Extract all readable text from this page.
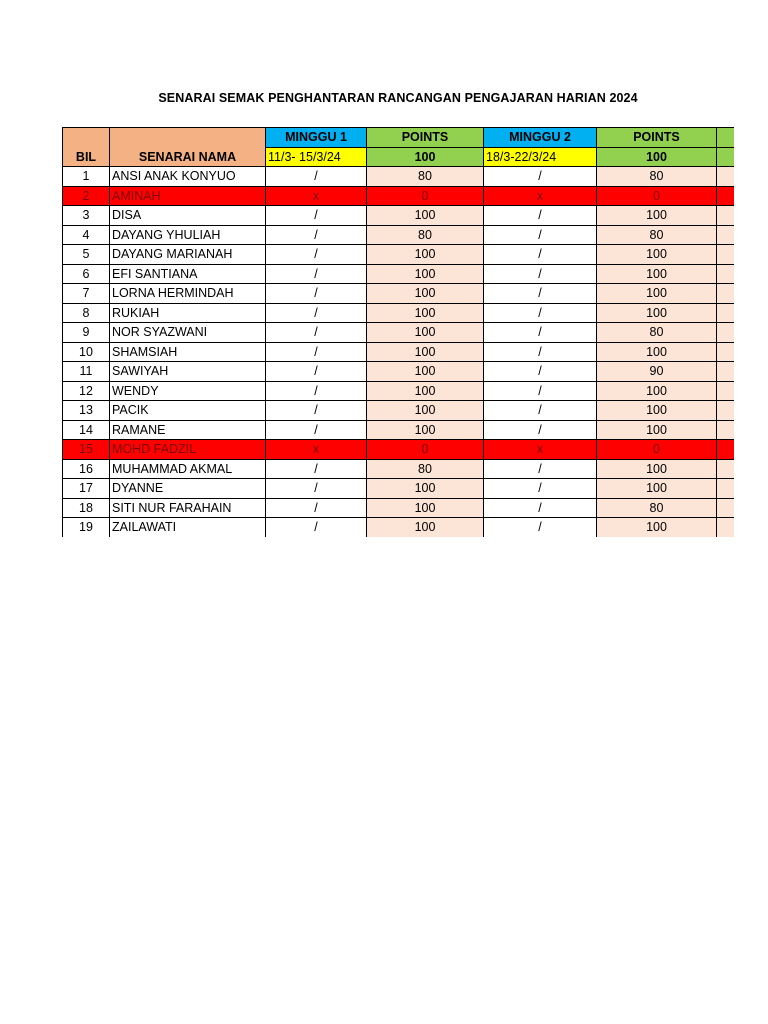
SENARAI SEMAK PENGHANTARAN RANCANGAN PENGAJARAN HARIAN 2024
BIL	SENARAI NAMA	MINGGU 1	POINTS	MINGGU 2	POINTS	
		11/3- 15/3/24	100	18/3-22/3/24	100	
1	ANSI ANAK KONYUO	/	80	/	80	
2	AMINAH	x	0	x	0	
3	DISA	/	100	/	100	
4	DAYANG YHULIAH	/	80	/	80	
5	DAYANG MARIANAH	/	100	/	100	
6	EFI SANTIANA	/	100	/	100	
7	LORNA HERMINDAH	/	100	/	100	
8	RUKIAH	/	100	/	100	
9	NOR SYAZWANI	/	100	/	80	
10	SHAMSIAH	/	100	/	100	
11	SAWIYAH	/	100	/	90	
12	WENDY	/	100	/	100	
13	PACIK	/	100	/	100	
14	RAMANE	/	100	/	100	
15	MOHD FADZIL	x	0	x	0	
16	MUHAMMAD AKMAL	/	80	/	100	
17	DYANNE	/	100	/	100	
18	SITI NUR FARAHAIN	/	100	/	80	
19	ZAILAWATI	/	100	/	100	
